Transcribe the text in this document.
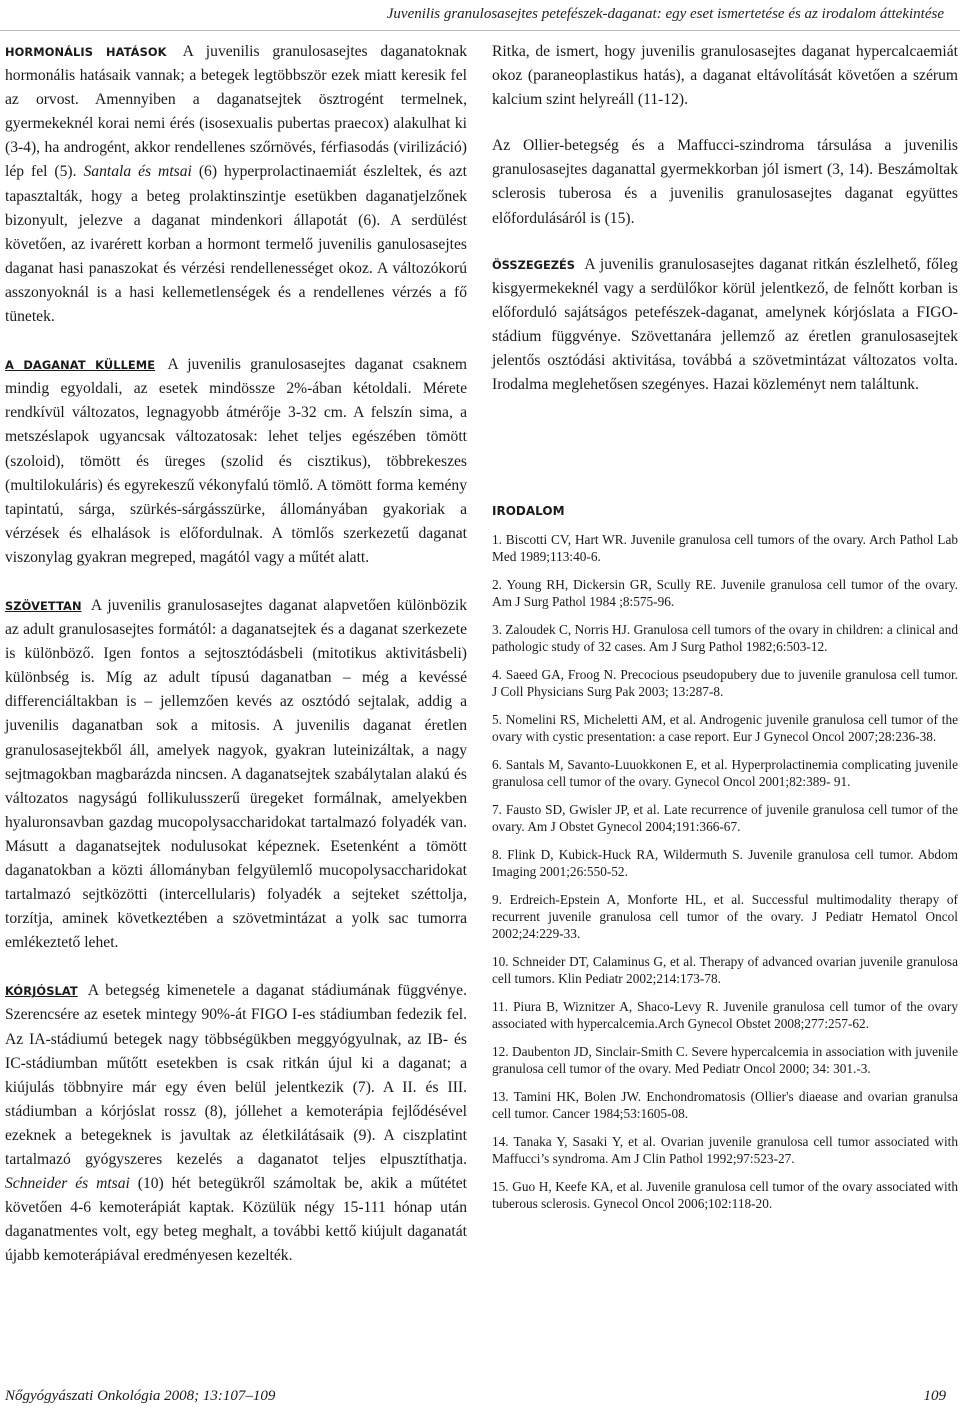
Juvenilis granulosasejtes petefészek-daganat: egy eset ismertetése és az irodalom áttekintése

HORMONÁLIS HATÁSOK A juvenilis granulosasejtes daganatoknak hormonális hatásaik vannak; a betegek legtöbbször ezek miatt keresik fel az orvost. Amennyiben a daganatsejtek ösztrogént termelnek, gyermekeknél korai nemi érés (isosexualis pubertas praecox) alakulhat ki (3-4), ha androgént, akkor rendellenes szőrnövés, férfiasodás (virilizáció) lép fel (5). Santala és mtsai (6) hyperprolactinaemiát észleltek, és azt tapasztalták, hogy a beteg prolaktinszintje esetükben daganatjelzőnek bizonyult, jelezve a daganat mindenkori állapotát (6). A serdülést követően, az ivarérett korban a hormont termelő juvenilis ganulosasejtes daganat hasi panaszokat és vérzési rendellenességet okoz. A változókorú asszonyoknál is a hasi kellemetlenségek és a rendellenes vérzés a fő tünetek.

A DAGANAT KÜLLEME A juvenilis granulosasejtes daganat csaknem mindig egyoldali, az esetek mindössze 2%-ában kétoldali. Mérete rendkívül változatos, legnagyobb átmérője 3-32 cm. A felszín sima, a metszéslapok ugyancsak változatosak: lehet teljes egészében tömött (szoloid), tömött és üreges (szolid és cisztikus), többrekeszes (multilokuláris) és egyrekeszű vékonyfalú tömlő. A tömött forma kemény tapintatú, sárga, szürkés-sárgásszürke, állományában gyakoriak a vérzések és elhalások is előfordulnak. A tömlős szerkezetű daganat viszonylag gyakran megreped, magától vagy a műtét alatt.

SZÖVETTAN A juvenilis granulosasejtes daganat alapvetően különbözik az adult granulosasejtes formától: a daganatsejtek és a daganat szerkezete is különböző. Igen fontos a sejtosztódásbeli (mitotikus aktivitásbeli) különbség is. Míg az adult típusú daganatban – még a kevéssé differenciáltakban is – jellemzően kevés az osztódó sejtalak, addig a juvenilis daganatban sok a mitosis. A juvenilis daganat éretlen granulosasejtekből áll, amelyek nagyok, gyakran luteinizáltak, a nagy sejtmagokban magbarázda nincsen. A daganatsejtek szabálytalan alakú és változatos nagyságú follikulusszerű üregeket formálnak, amelyekben hyaluronsavban gazdag mucopolysaccharidokat tartalmazó folyadék van. Másutt a daganatsejtek nodulusokat képeznek. Esetenként a tömött daganatokban a közti állományban felgyülemlő mucopolysaccharidokat tartalmazó sejtközötti (intercellularis) folyadék a sejteket széttolja, torzítja, aminek következtében a szövetmintázat a yolk sac tumorra emlékeztető lehet.

KÓRJÓSLAT A betegség kimenetele a daganat stádiumának függvénye. Szerencsére az esetek mintegy 90%-át FIGO I-es stádiumban fedezik fel. Az IA-stádiumú betegek nagy többségükben meggyógyulnak, az IB- és IC-stádiumban műtőtt esetekben is csak ritkán újul ki a daganat; a kiújulás többnyire már egy éven belül jelentkezik (7). A II. és III. stádiumban a kórjóslat rossz (8), jóllehet a kemoterápia fejlődésével ezeknek a betegeknek is javultak az életkilátásaik (9). A ciszplatint tartalmazó gyógyszeres kezelés a daganatot teljes elpusztíthatja. Schneider és mtsai (10) hét betegükről számoltak be, akik a műtétet követően 4-6 kemoterápiát kaptak. Közülük négy 15-111 hónap után daganatmentes volt, egy beteg meghalt, a további kettő kiújult daganatát újabb kemoterápiával eredményesen kezelték.

Ritka, de ismert, hogy juvenilis granulosasejtes daganat hypercalcaemiát okoz (paraneoplastikus hatás), a daganat eltávolítását követően a szérum kalcium szint helyreáll (11-12).

Az Ollier-betegség és a Maffucci-szindroma társulása a juvenilis granulosasejtes daganattal gyermekkorban jól ismert (3, 14). Beszámoltak sclerosis tuberosa és a juvenilis granulosasejtes daganat együttes előfordulásáról is (15).

ÖSSZEGEZÉS A juvenilis granulosasejtes daganat ritkán észlelhető, főleg kisgyermekeknél vagy a serdülőkor körül jelentkező, de felnőtt korban is előforduló sajátságos petefészek-daganat, amelynek kórjóslata a FIGO-stádium függvénye. Szövettanára jellemző az éretlen granulosasejtek jelentős osztódási aktivitása, továbbá a szövetmintázat változatos volta. Irodalma meglehetősen szegényes. Hazai közleményt nem találtunk.

IRODALOM

1. Biscotti CV, Hart WR. Juvenile granulosa cell tumors of the ovary. Arch Pathol Lab Med 1989;113:40-6.

2. Young RH, Dickersin GR, Scully RE. Juvenile granulosa cell tumor of the ovary. Am J Surg Pathol 1984 ;8:575-96.

3. Zaloudek C, Norris HJ. Granulosa cell tumors of the ovary in children: a clinical and pathologic study of 32 cases. Am J Surg Pathol 1982;6:503-12.

4. Saeed GA, Froog N. Precocious pseudopubery due to juvenile granulosa cell tumor. J Coll Physicians Surg Pak 2003; 13:287-8.

5. Nomelini RS, Micheletti AM, et al. Androgenic juvenile granulosa cell tumor of the ovary with cystic presentation: a case report. Eur J Gynecol Oncol 2007;28:236-38.

6. Santals M, Savanto-Luuokkonen E, et al. Hyperprolactinemia complicating juvenile granulosa cell tumor of the ovary. Gynecol Oncol 2001;82:389- 91.

7. Fausto SD, Gwisler JP, et al. Late recurrence of juvenile granulosa cell tumor of the ovary. Am J Obstet Gynecol 2004;191:366-67.

8. Flink D, Kubick-Huck RA, Wildermuth S. Juvenile granulosa cell tumor. Abdom Imaging 2001;26:550-52.

9. Erdreich-Epstein A, Monforte HL, et al. Successful multimodality therapy of recurrent juvenile granulosa cell tumor of the ovary. J Pediatr Hematol Oncol 2002;24:229-33.

10. Schneider DT, Calaminus G, et al. Therapy of advanced ovarian juvenile granulosa cell tumors. Klin Pediatr 2002;214:173-78.

11. Piura B, Wiznitzer A, Shaco-Levy R. Juvenile granulosa cell tumor of the ovary associated with hypercalcemia.Arch Gynecol Obstet 2008;277:257-62.

12. Daubenton JD, Sinclair-Smith C. Severe hypercalcemia in association with juvenile granulosa cell tumor of the ovary. Med Pediatr Oncol 2000; 34: 301.-3.

13. Tamini HK, Bolen JW. Enchondromatosis (Ollier's diaease and ovarian granulsa cell tumor. Cancer 1984;53:1605-08.

14. Tanaka Y, Sasaki Y, et al. Ovarian juvenile granulosa cell tumor associated with Maffucci’s syndroma. Am J Clin Pathol 1992;97:523-27.

15. Guo H, Keefe KA, et al. Juvenile granulosa cell tumor of the ovary associated with tuberous sclerosis. Gynecol Oncol 2006;102:118-20.

Nőgyógyászati Onkológia 2008; 13:107–109	109
